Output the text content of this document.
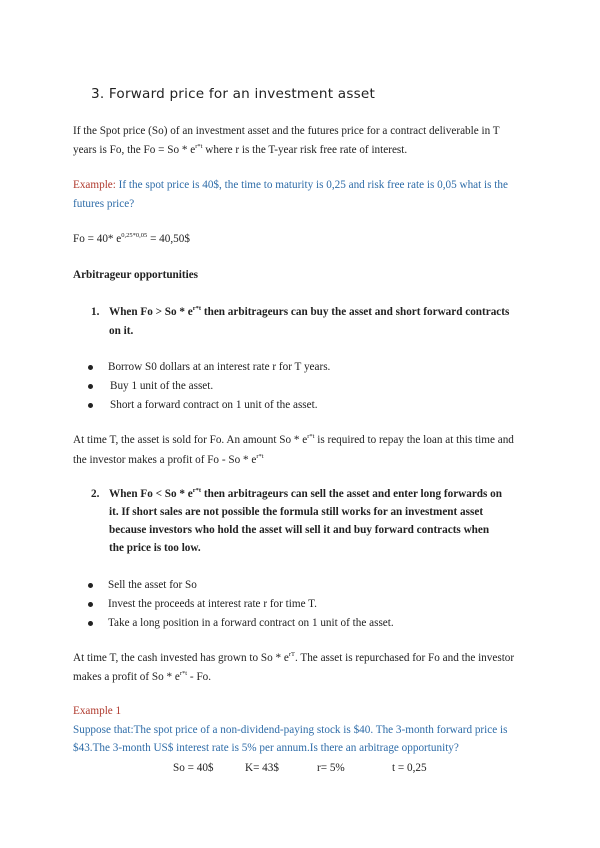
3. Forward price for an investment asset
If the Spot price (So) of an investment asset and the futures price for a contract deliverable in T
years is Fo, the $Fo = So * e^{r*t}$ where r is the T-year risk free rate of interest.
Example: If the spot price is 40$, the time to maturity is 0,25 and risk free rate is 0,05 what is the
futures price?
Fo = 40* $e^{0,25*0,05}$ = 40,50$
Arbitrageur opportunities
1. When $Fo > So * e^{r*t}$ then arbitrageurs can buy the asset and short forward contracts
on it.
Borrow S0 dollars at an interest rate r for T years.
Buy 1 unit of the asset.
Short a forward contract on 1 unit of the asset.
At time T, the asset is sold for Fo. An amount So * $e^{r*t}$ is required to repay the loan at this time and
the investor makes a profit of Fo - So * $e^{r*t}$
2. When $Fo < So * e^{r*t}$ then arbitrageurs can sell the asset and enter long forwards on
it. If short sales are not possible the formula still works for an investment asset
because investors who hold the asset will sell it and buy forward contracts when
the price is too low.
Sell the asset for So
Invest the proceeds at interest rate r for time T.
Take a long position in a forward contract on 1 unit of the asset.
At time T, the cash invested has grown to So * $e^{rT}$. The asset is repurchased for Fo and the investor
makes a profit of So * $e^{r*t}$ - Fo.
Example 1
Suppose that:The spot price of a non-dividend-paying stock is $40. The 3-month forward price is
$43.The 3-month US$ interest rate is 5% per annum.Is there an arbitrage opportunity?
So = 40$	K= 43$	r= 5%	t = 0,25
